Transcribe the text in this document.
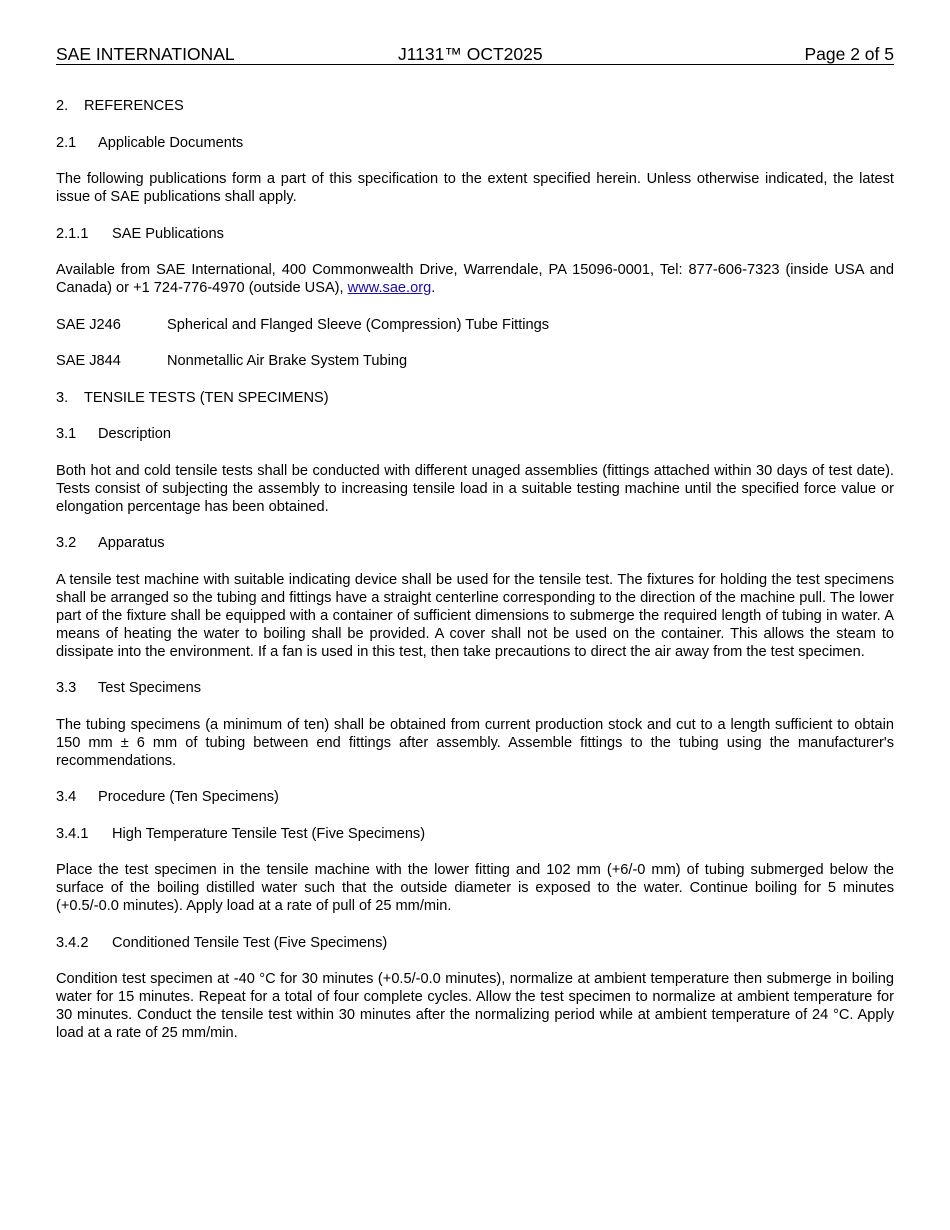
SAE INTERNATIONAL	J1131™ OCT2025	Page 2 of 5
2. REFERENCES
2.1 Applicable Documents

The following publications form a part of this specification to the extent specified herein. Unless otherwise indicated, the latest issue of SAE publications shall apply.

2.1.1 SAE Publications

Available from SAE International, 400 Commonwealth Drive, Warrendale, PA 15096-0001, Tel: 877-606-7323 (inside USA and Canada) or +1 724-776-4970 (outside USA), www.sae.org.

SAE J246	Spherical and Flanged Sleeve (Compression) Tube Fittings
SAE J844	Nonmetallic Air Brake System Tubing
3. TENSILE TESTS (TEN SPECIMENS)
3.1 Description

Both hot and cold tensile tests shall be conducted with different unaged assemblies (fittings attached within 30 days of test date). Tests consist of subjecting the assembly to increasing tensile load in a suitable testing machine until the specified force value or elongation percentage has been obtained.

3.2 Apparatus

A tensile test machine with suitable indicating device shall be used for the tensile test. The fixtures for holding the test specimens shall be arranged so the tubing and fittings have a straight centerline corresponding to the direction of the machine pull. The lower part of the fixture shall be equipped with a container of sufficient dimensions to submerge the required length of tubing in water. A means of heating the water to boiling shall be provided. A cover shall not be used on the container. This allows the steam to dissipate into the environment. If a fan is used in this test, then take precautions to direct the air away from the test specimen.

3.3 Test Specimens

The tubing specimens (a minimum of ten) shall be obtained from current production stock and cut to a length sufficient to obtain 150 mm ± 6 mm of tubing between end fittings after assembly. Assemble fittings to the tubing using the manufacturer's recommendations.

3.4 Procedure (Ten Specimens)
3.4.1 High Temperature Tensile Test (Five Specimens)

Place the test specimen in the tensile machine with the lower fitting and 102 mm (+6/-0 mm) of tubing submerged below the surface of the boiling distilled water such that the outside diameter is exposed to the water. Continue boiling for 5 minutes (+0.5/-0.0 minutes). Apply load at a rate of pull of 25 mm/min.

3.4.2 Conditioned Tensile Test (Five Specimens)

Condition test specimen at -40 °C for 30 minutes (+0.5/-0.0 minutes), normalize at ambient temperature then submerge in boiling water for 15 minutes. Repeat for a total of four complete cycles. Allow the test specimen to normalize at ambient temperature for 30 minutes. Conduct the tensile test within 30 minutes after the normalizing period while at ambient temperature of 24 °C. Apply load at a rate of 25 mm/min.
